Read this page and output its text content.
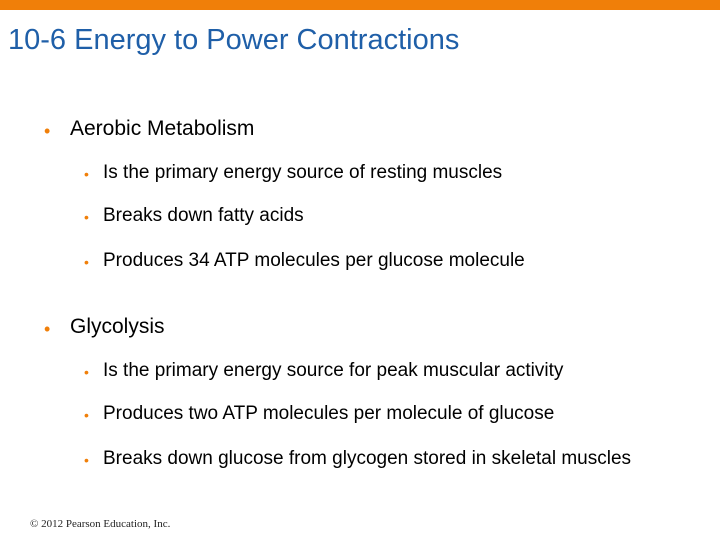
10-6 Energy to Power Contractions
• Aerobic Metabolism
• Is the primary energy source of resting muscles
• Breaks down fatty acids
• Produces 34 ATP molecules per glucose molecule
• Glycolysis
• Is the primary energy source for peak muscular activity
• Produces two ATP molecules per molecule of glucose
• Breaks down glucose from glycogen stored in skeletal muscles
© 2012 Pearson Education, Inc.
